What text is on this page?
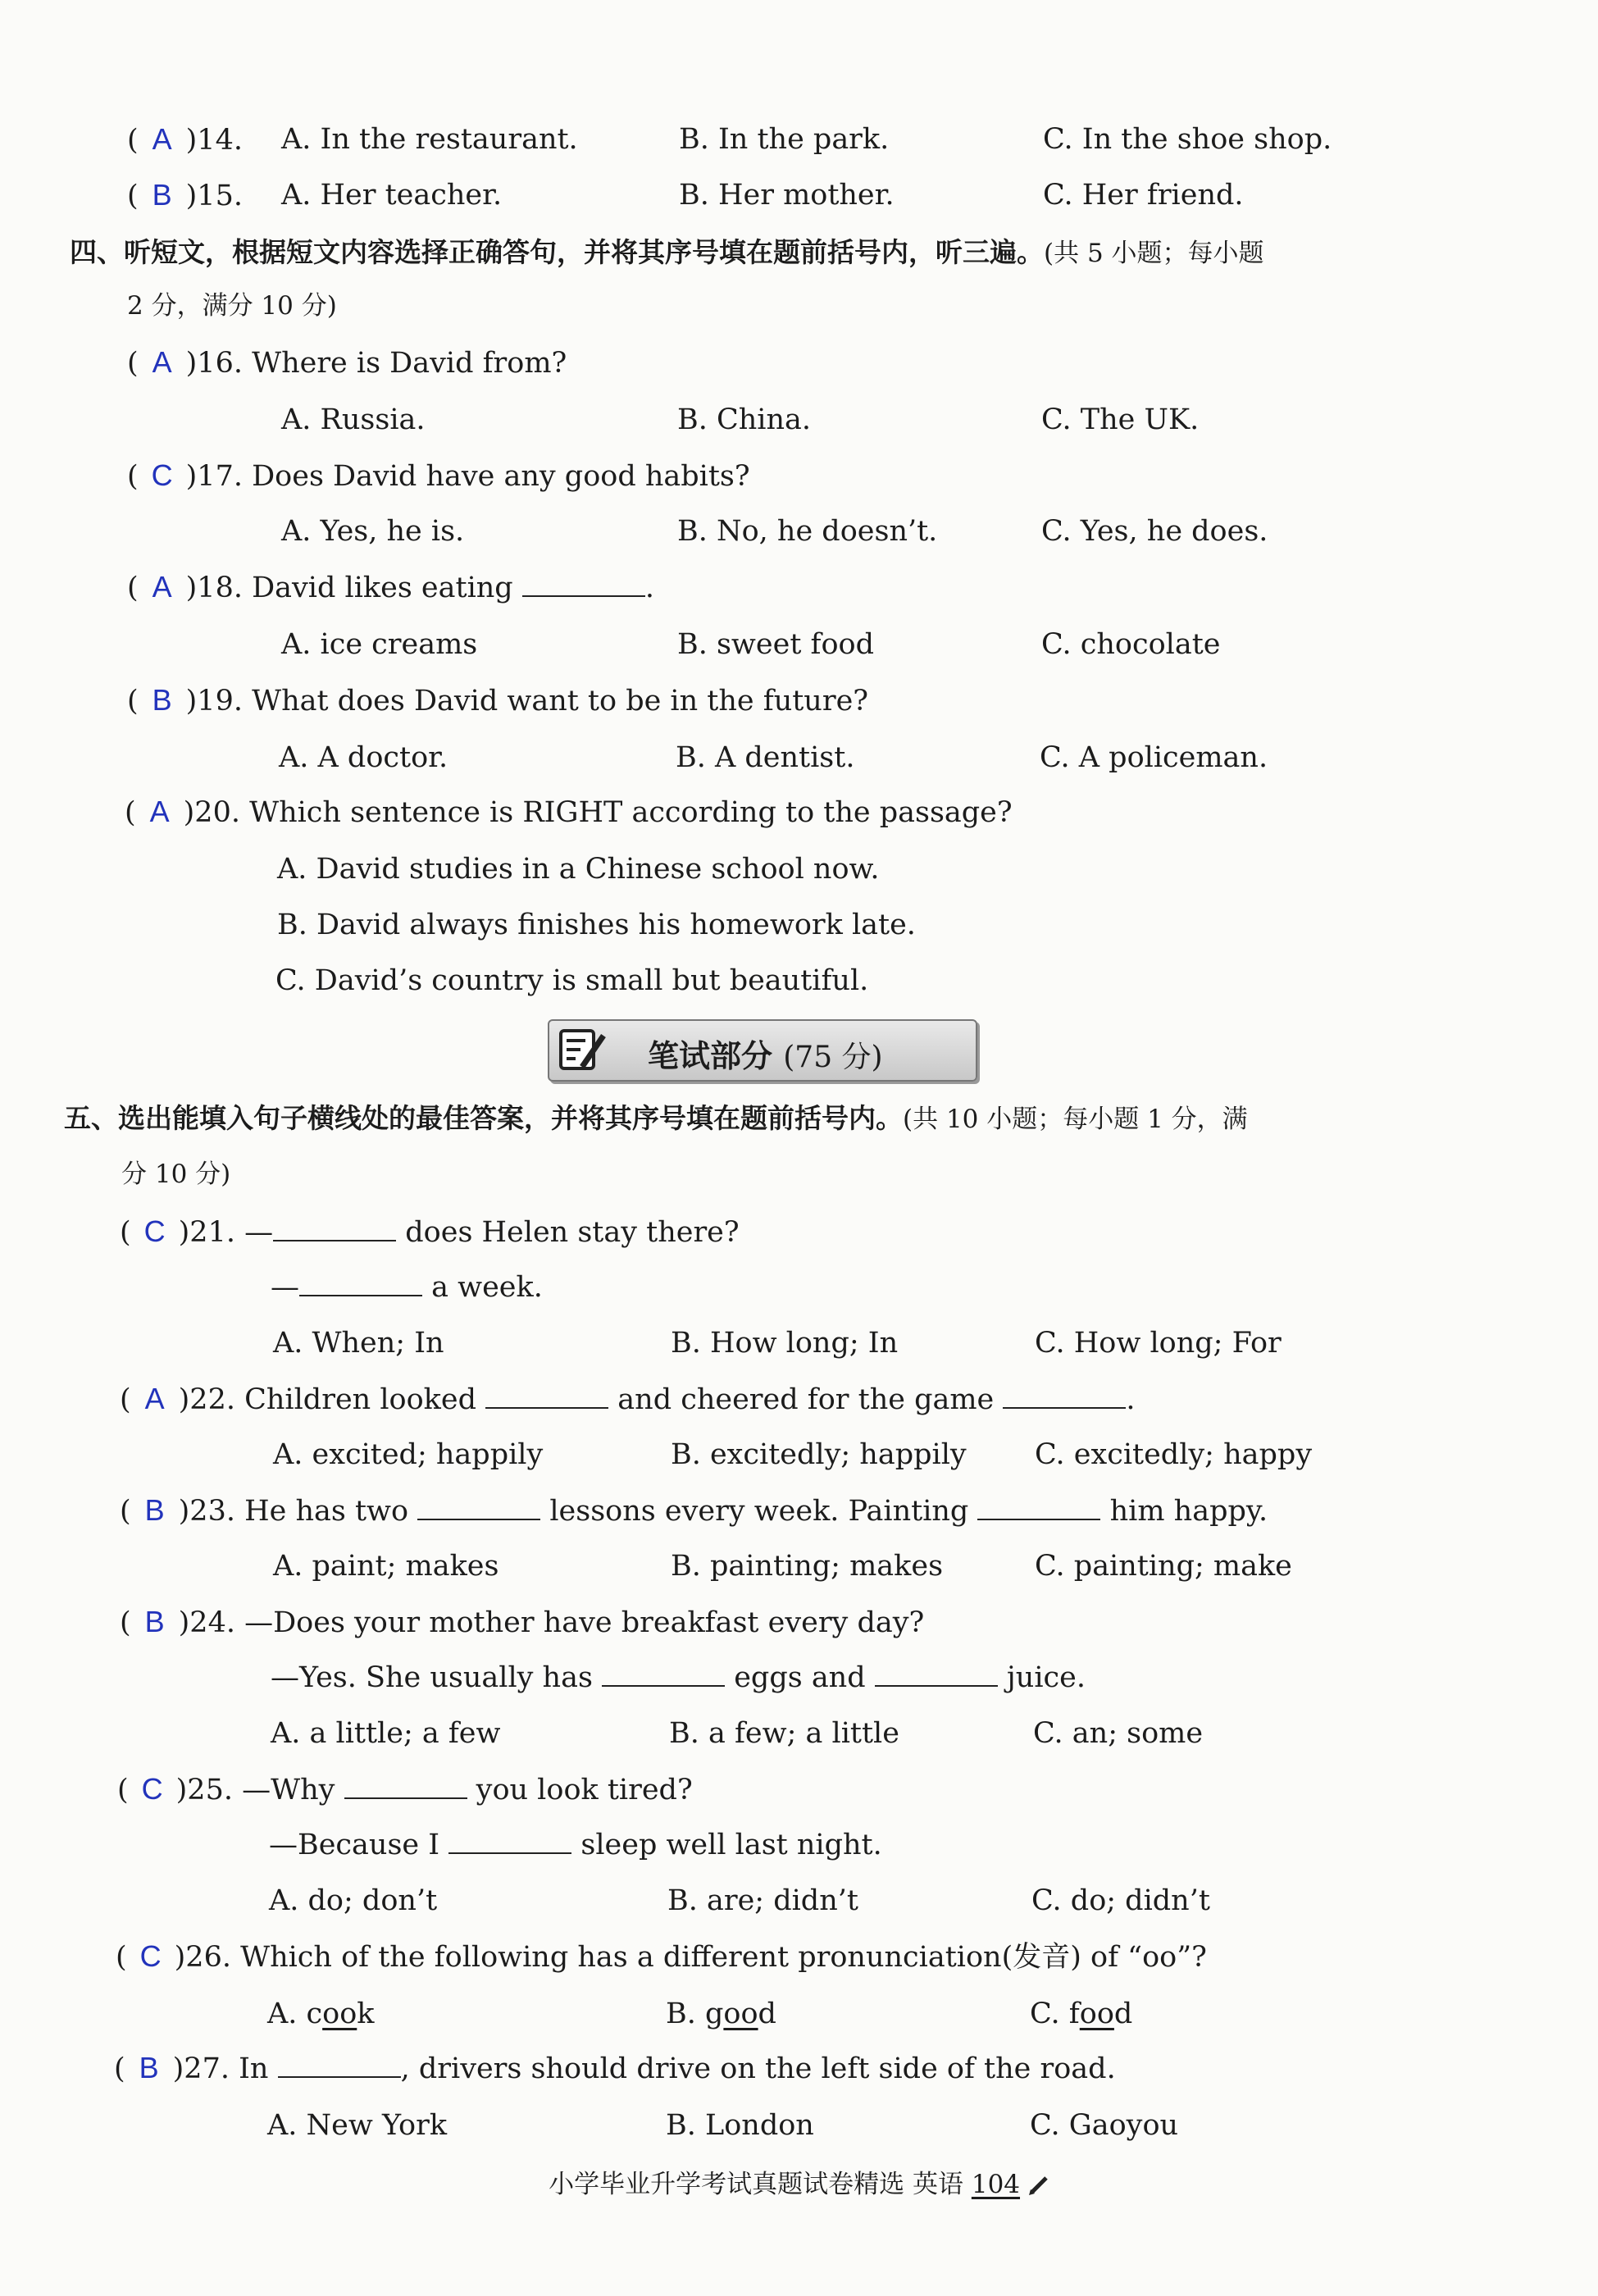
( A )14. A. In the restaurant.	B. In the park.	C. In the shoe shop.
( B )15. A. Her teacher.	B. Her mother.	C. Her friend.
四、听短文，根据短文内容选择正确答句，并将其序号填在题前括号内，听三遍。(共 5 小题；每小题
2 分，满分 10 分)
( A )16. Where is David from?
A. Russia.	B. China.	C. The UK.
( C )17. Does David have any good habits?
A. Yes, he is.	B. No, he doesn’t.	C. Yes, he does.
( A )18. David likes eating	.
A. ice creams	B. sweet food	C. chocolate
( B )19. What does David want to be in the future?
A. A doctor.	B. A dentist.	C. A policeman.
( A )20. Which sentence is RIGHT according to the passage?
A. David studies in a Chinese school now.
B. David always finishes his homework late.
C. David’s country is small but beautiful.
笔试部分 (75 分)
五、选出能填入句子横线处的最佳答案，并将其序号填在题前括号内。(共 10 小题；每小题 1 分，满
分 10 分)
( C )21. —	does Helen stay there?
—	a week.
A. When; In	B. How long; In	C. How long; For
( A )22. Children looked	and cheered for the game	.
A. excited; happily	B. excitedly; happily C. excitedly; happy
( B )23. He has two	lessons every week. Painting	him happy.
A. paint; makes	B. painting; makes	C. painting; make
( B )24. —Does your mother have breakfast every day?
—Yes. She usually has	eggs and	juice.
A. a little; a few	B. a few; a little	C. an; some
( C )25. —Why	you look tired?
—Because I	sleep well last night.
A. do; don’t	B. are; didn’t	C. do; didn’t
( C )26. Which of the following has a different pronunciation(发音) of “oo”?
A. cook	B. good	C. food
( B )27. In	, drivers should drive on the left side of the road.
A. New York	B. London	C. Gaoyou
小学毕业升学考试真题试卷精选 英语 104
